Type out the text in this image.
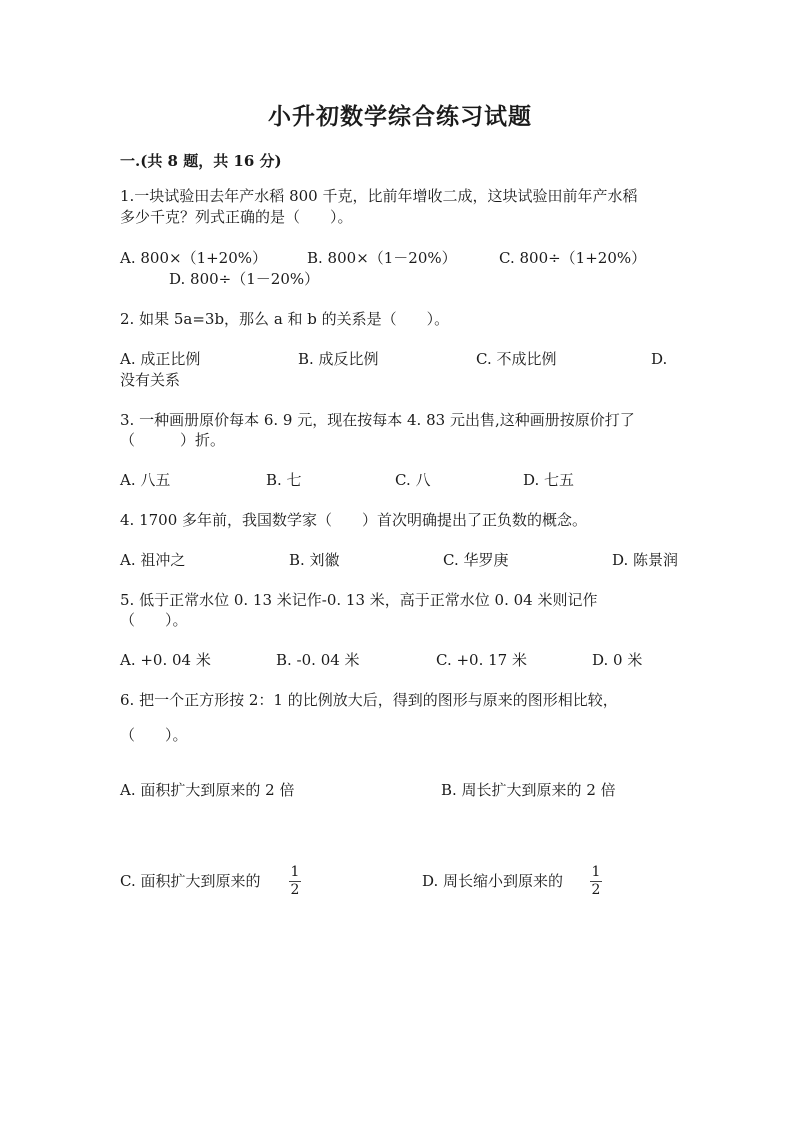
小升初数学综合练习试题
一.(共 8 题，共 16 分)
1.一块试验田去年产水稻 800 千克，比前年增收二成，这块试验田前年产水稻
多少千克？列式正确的是（　　）。
A. 800×（1+20%）	B. 800×（1－20%）	C. 800÷（1+20%）
D. 800÷（1－20%）
2. 如果 5a=3b，那么 a 和 b 的关系是（　　）。
A. 成正比例	B. 成反比例	C. 不成比例	D.
没有关系
3. 一种画册原价每本 6. 9 元，现在按每本 4. 83 元出售,这种画册按原价打了
（　　　）折。
A. 八五	B. 七	C. 八	D. 七五
4. 1700 多年前，我国数学家（　　）首次明确提出了正负数的概念。
A. 祖冲之	B. 刘徽	C. 华罗庚	D. 陈景润
5. 低于正常水位 0. 13 米记作-0. 13 米，高于正常水位 0. 04 米则记作
（　　）。
A. +0. 04 米	B. -0. 04 米	C. +0. 17 米	D. 0 米
6. 把一个正方形按 2：1 的比例放大后，得到的图形与原来的图形相比较，
（　　）。
A. 面积扩大到原来的 2 倍	B. 周长扩大到原来的 2 倍
C. 面积扩大到原来的 1
2	D. 周长缩小到原来的 1
2
